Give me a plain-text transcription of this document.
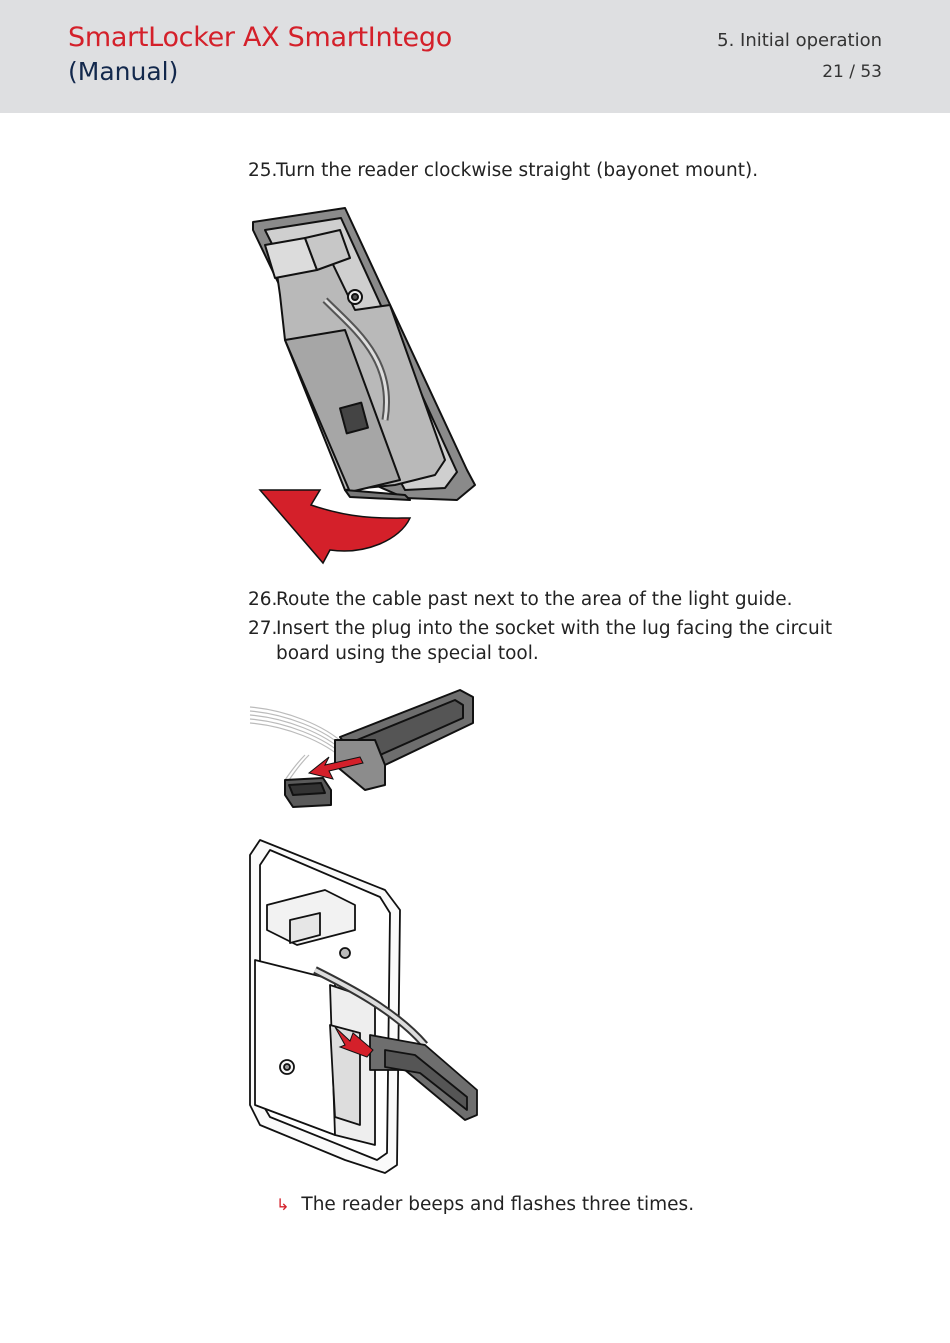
SmartLocker AX SmartIntego
(Manual)
5. Initial operation
21 / 53
25.Turn the reader clockwise straight (bayonet mount).
26.Route the cable past next to the area of the light guide.
27.Insert the plug into the socket with the lug facing the circuit board using the special tool.
↳ The reader beeps and flashes three times.
